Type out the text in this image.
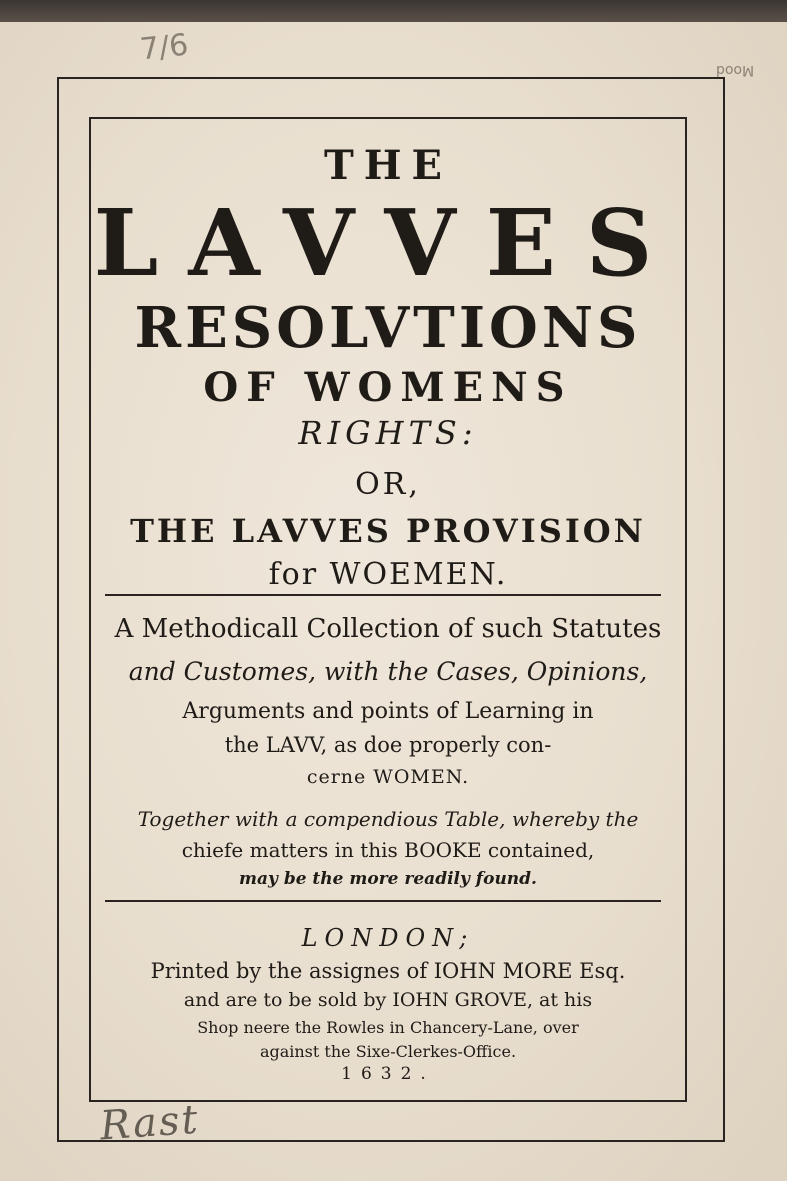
7/6
Mood
THE
LAVVES
RESOLVTIONS
OF WOMENS
RIGHTS:
OR,
THE LAVVES PROVISION
for WOEMEN.
A Methodicall Collection of such Statutes
and Customes, with the Cases, Opinions,
Arguments and points of Learning in
the LAVV, as doe properly con-
cerne WOMEN.
Together with a compendious Table, whereby the
chiefe matters in this BOOKE contained,
may be the more readily found.
LONDON;
Printed by the assignes of IOHN MORE Esq.
and are to be sold by IOHN GROVE, at his
Shop neere the Rowles in Chancery-Lane, over
against the Sixe-Clerkes-Office.
1632.
Rast
